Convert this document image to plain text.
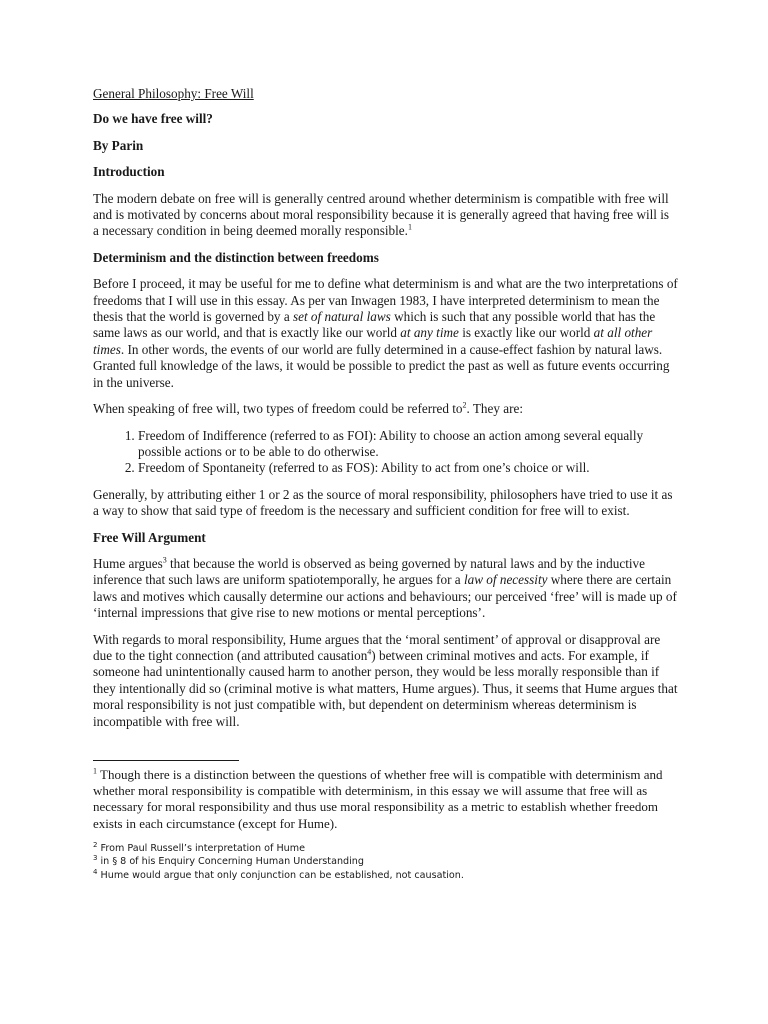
General Philosophy: Free Will
Do we have free will?
By Parin
Introduction

The modern debate on free will is generally centred around whether determinism is compatible with free will and is motivated by concerns about moral responsibility because it is generally agreed that having free will is a necessary condition in being deemed morally responsible.$^1$

Determinism and the distinction between freedoms

Before I proceed, it may be useful for me to define what determinism is and what are the two interpretations of freedoms that I will use in this essay. As per van Inwagen 1983, I have interpreted determinism to mean the thesis that the world is governed by a set of natural laws which is such that any possible world that has the same laws as our world, and that is exactly like our world at any time is exactly like our world at all other times. In other words, the events of our world are fully determined in a cause-effect fashion by natural laws. Granted full knowledge of the laws, it would be possible to predict the past as well as future events occurring in the universe.

When speaking of free will, two types of freedom could be referred $to^2$. They are:

1. Freedom of Indifference (referred to as FOI): Ability to choose an action among several equally possible actions or to be able to do otherwise.
2. Freedom of Spontaneity (referred to as FOS): Ability to act from one’s choice or will.

Generally, by attributing either 1 or 2 as the source of moral responsibility, philosophers have tried to use it as a way to show that said type of freedom is the necessary and sufficient condition for free will to exist.

Free Will Argument

Hume argues$^3$ that because the world is observed as being governed by natural laws and by the inductive inference that such laws are uniform spatiotemporally, he argues for a law of necessity where there are certain laws and motives which causally determine our actions and behaviours; our perceived ‘free’ will is made up of ‘internal impressions that give rise to new motions or mental perceptions’.

With regards to moral responsibility, Hume argues that the ‘moral sentiment’ of approval or disapproval are due to the tight connection (and attributed causation$^4$) between criminal motives and acts. For example, if someone had unintentionally caused harm to another person, they would be less morally responsible than if they intentionally did so (criminal motive is what matters, Hume argues). Thus, it seems that Hume argues that moral responsibility is not just compatible with, but dependent on determinism whereas determinism is incompatible with free will.

$^1$ Though there is a distinction between the questions of whether free will is compatible with determinism and whether moral responsibility is compatible with determinism, in this essay we will assume that free will as necessary for moral responsibility and thus use moral responsibility as a metric to establish whether freedom exists in each circumstance (except for Hume).

$^2$ From Paul Russell’s interpretation of Hume

$^3$ in § 8 of his Enquiry Concerning Human Understanding

$^4$ Hume would argue that only conjunction can be established, not causation.
